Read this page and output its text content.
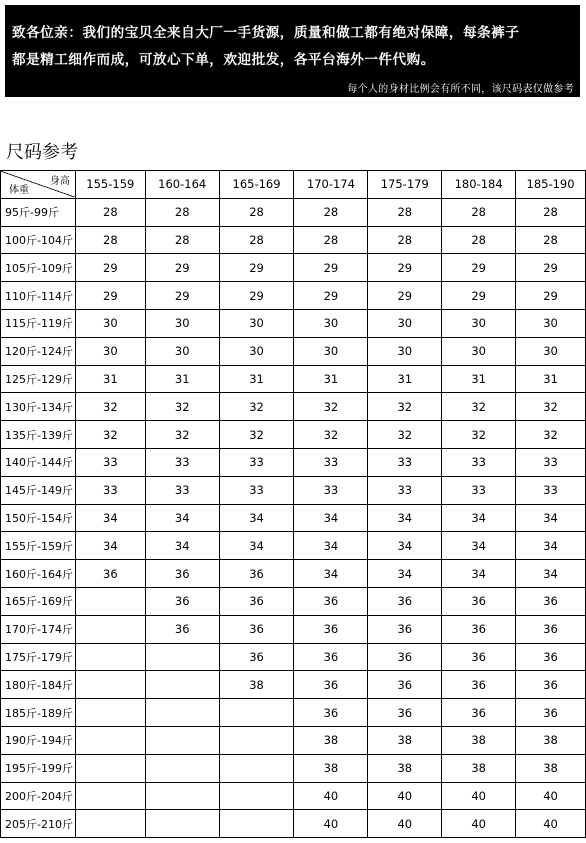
致各位亲：我们的宝贝全来自大厂一手货源，质量和做工都有绝对保障，每条裤子
都是精工细作而成，可放心下单，欢迎批发，各平台海外一件代购。
每个人的身材比例会有所不同，该尺码表仅做参考
尺码参考
身高
体重	155-159	160-164	165-169	170-174	175-179	180-184	185-190
95斤-99斤	28	28	28	28	28	28	28
100斤-104斤	28	28	28	28	28	28	28
105斤-109斤	29	29	29	29	29	29	29
110斤-114斤	29	29	29	29	29	29	29
115斤-119斤	30	30	30	30	30	30	30
120斤-124斤	30	30	30	30	30	30	30
125斤-129斤	31	31	31	31	31	31	31
130斤-134斤	32	32	32	32	32	32	32
135斤-139斤	32	32	32	32	32	32	32
140斤-144斤	33	33	33	33	33	33	33
145斤-149斤	33	33	33	33	33	33	33
150斤-154斤	34	34	34	34	34	34	34
155斤-159斤	34	34	34	34	34	34	34
160斤-164斤	36	36	36	34	34	34	34
165斤-169斤		36	36	36	36	36	36
170斤-174斤		36	36	36	36	36	36
175斤-179斤			36	36	36	36	36
180斤-184斤			38	36	36	36	36
185斤-189斤				36	36	36	36
190斤-194斤				38	38	38	38
195斤-199斤				38	38	38	38
200斤-204斤				40	40	40	40
205斤-210斤				40	40	40	40
